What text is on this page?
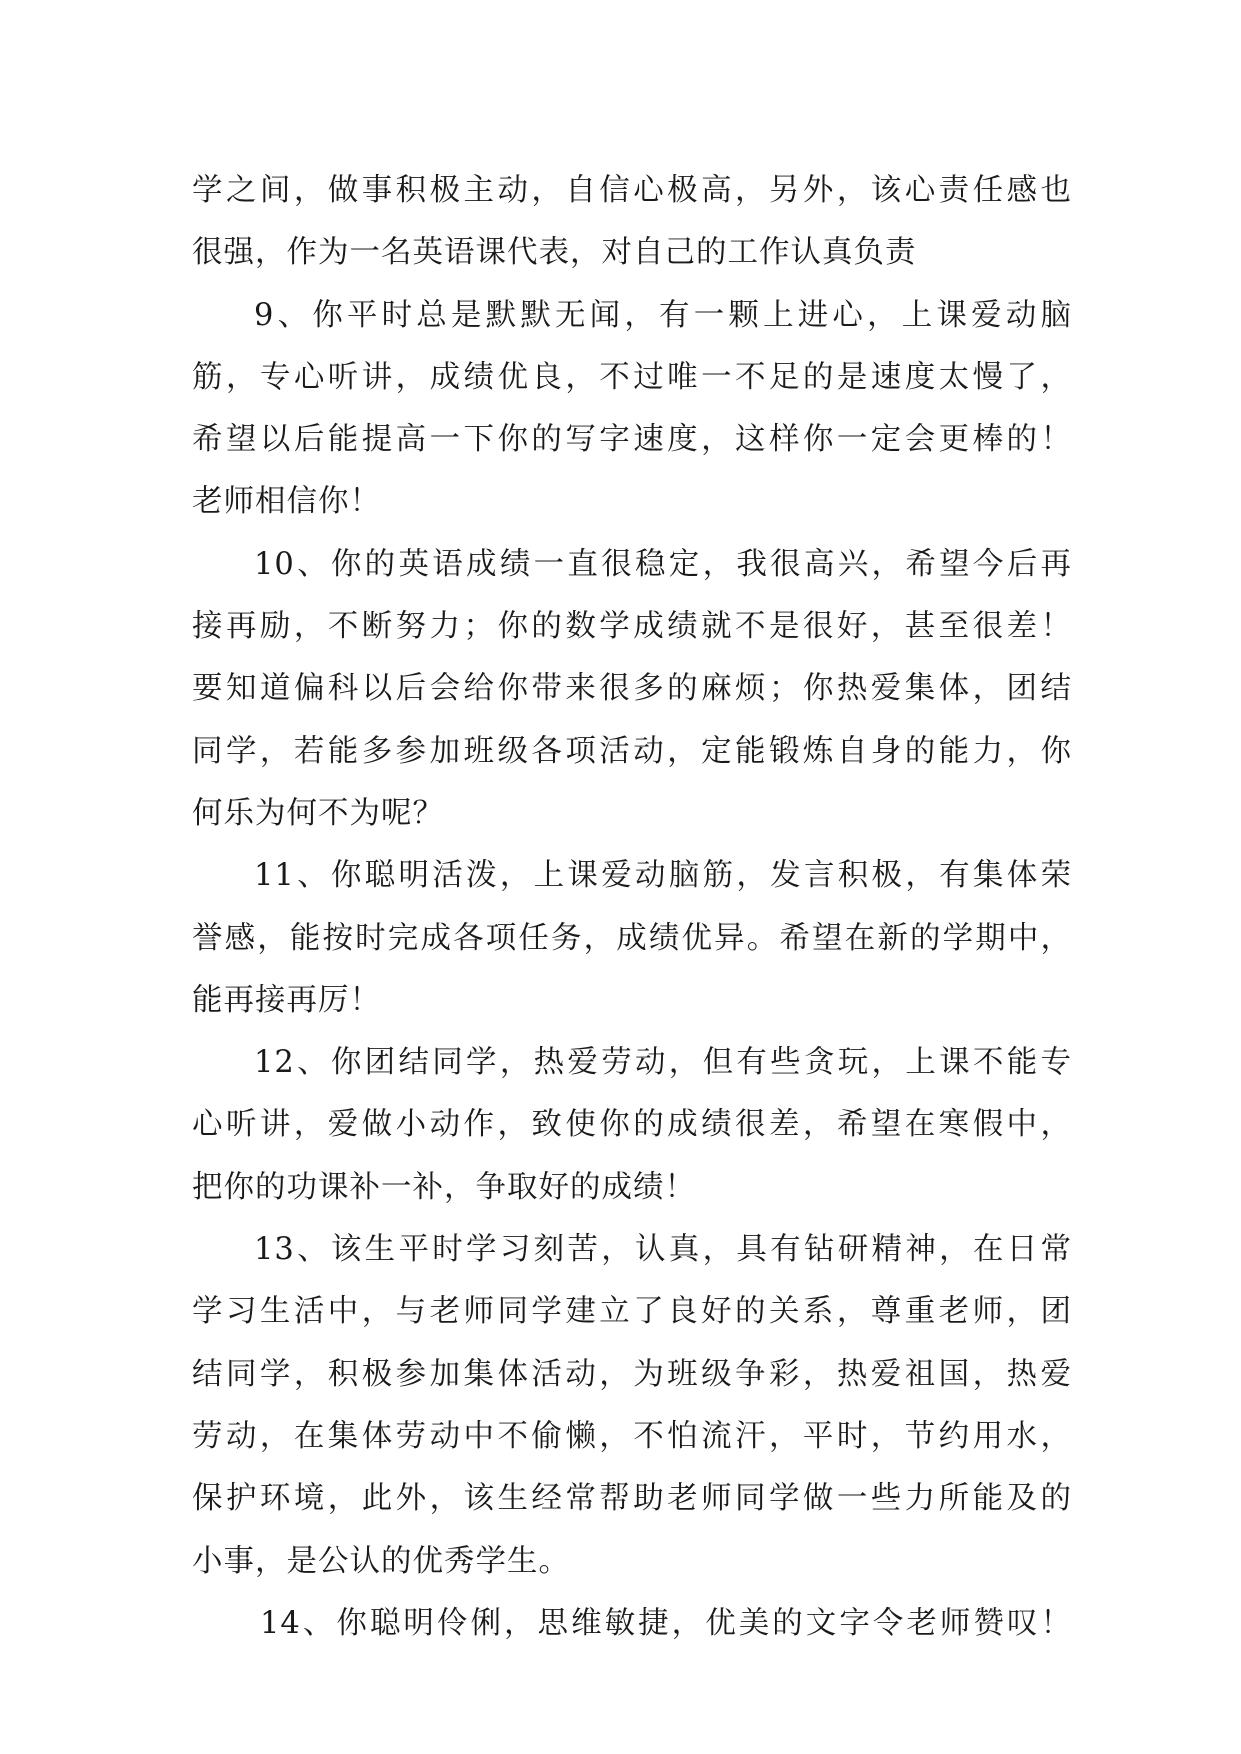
学之间，做事积极主动，自信心极高，另外，该心责任感也
很强，作为一名英语课代表，对自己的工作认真负责
9、你平时总是默默无闻，有一颗上进心，上课爱动脑
筋，专心听讲，成绩优良，不过唯一不足的是速度太慢了，
希望以后能提高一下你的写字速度，这样你一定会更棒的！
老师相信你！
10、你的英语成绩一直很稳定，我很高兴，希望今后再
接再励，不断努力；你的数学成绩就不是很好，甚至很差！
要知道偏科以后会给你带来很多的麻烦；你热爱集体，团结
同学，若能多参加班级各项活动，定能锻炼自身的能力，你
何乐为何不为呢？
11、你聪明活泼，上课爱动脑筋，发言积极，有集体荣
誉感，能按时完成各项任务，成绩优异。希望在新的学期中，
能再接再厉！
12、你团结同学，热爱劳动，但有些贪玩，上课不能专
心听讲，爱做小动作，致使你的成绩很差，希望在寒假中，
把你的功课补一补，争取好的成绩！
13、该生平时学习刻苦，认真，具有钻研精神，在日常
学习生活中，与老师同学建立了良好的关系，尊重老师，团
结同学，积极参加集体活动，为班级争彩，热爱祖国，热爱
劳动，在集体劳动中不偷懒，不怕流汗，平时，节约用水，
保护环境，此外，该生经常帮助老师同学做一些力所能及的
小事，是公认的优秀学生。
14、你聪明伶俐，思维敏捷，优美的文字令老师赞叹！
